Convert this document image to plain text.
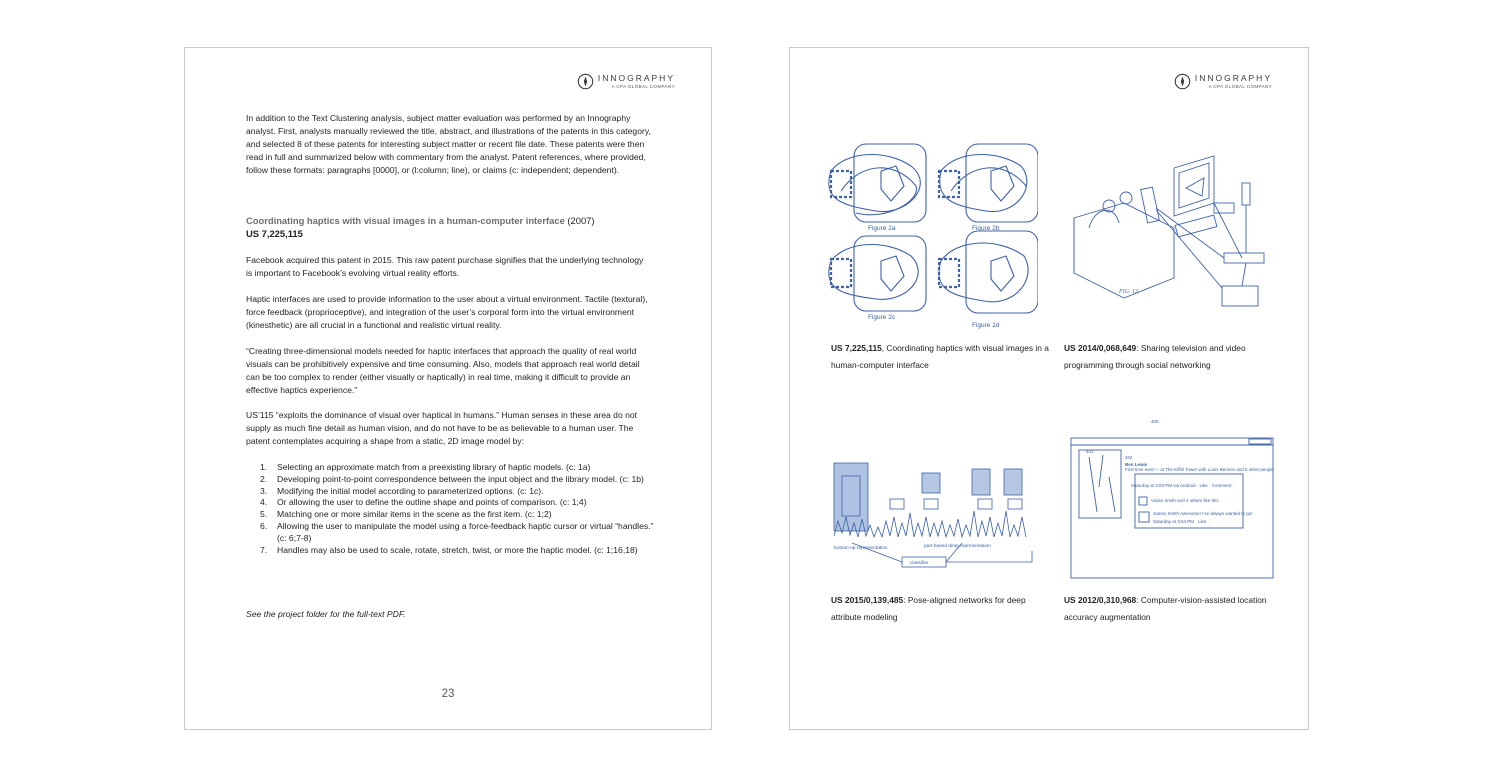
INNOGRAPHY
A CPA GLOBAL COMPANY
In addition to the Text Clustering analysis, subject matter evaluation was performed by an Innography analyst. First, analysts manually reviewed the title, abstract, and illustrations of the patents in this category, and selected 8 of these patents for interesting subject matter or recent file date. These patents were then read in full and summarized below with commentary from the analyst. Patent references, where provided, follow these formats: paragraphs [0000], or (l:column; line), or claims (c: independent; dependent).
Coordinating haptics with visual images in a human-computer interface (2007)
US 7,225,115
Facebook acquired this patent in 2015. This raw patent purchase signifies that the underlying technology is important to Facebook’s evolving virtual reality efforts.
Haptic interfaces are used to provide information to the user about a virtual environment. Tactile (textural), force feedback (proprioceptive), and integration of the user’s corporal form into the virtual environment (kinesthetic) are all crucial in a functional and realistic virtual reality.
“Creating three-dimensional models needed for haptic interfaces that approach the quality of real world visuals can be prohibitively expensive and time consuming. Also, models that approach real world detail can be too complex to render (either visually or haptically) in real time, making it difficult to provide an effective haptics experience.”
US’115 “exploits the dominance of visual over haptical in humans.” Human senses in these area do not supply as much fine detail as human vision, and do not have to be as believable to a human user. The patent contemplates acquiring a shape from a static, 2D image model by:
1. Selecting an approximate match from a preexisting library of haptic models. (c: 1a)
2. Developing point-to-point correspondence between the input object and the library model. (c: 1b)
3. Modifying the initial model according to parameterized options. (c: 1c).
4. Or allowing the user to define the outline shape and points of comparison. (c: 1;4)
5. Matching one or more similar items in the scene as the first item. (c: 1;2)
6. Allowing the user to manipulate the model using a force-feedback haptic cursor or virtual “handles.” (c: 6;7-8)
7. Handles may also be used to scale, rotate, stretch, twist, or more the haptic model. (c: 1;16,18)
See the project folder for the full-text PDF.
23
INNOGRAPHY
A CPA GLOBAL COMPANY
Figure 2a	Figure 2b
Figure 2c
Figure 2d
US 7,225,115, Coordinating haptics with visual images in a human-computer interface
FIG. 13
US 2014/0,068,649: Sharing television and video programming through social networking
bottom-up representation	part-based deep representation
classifier
US 2015/0,139,485: Pose-aligned networks for deep attribute modeling
400
401
402
Ben Lewis
First time ever! -- at The Eiffel Tower with Louis Benson and 5 other people
Saturday at 3:03 PM via Android · Like · Comment ·
Vivian Smith and 4 others like this
James Smith Awesome! I’ve always wanted to go!
Saturday at 3:54 PM · Like ·
US 2012/0,310,968: Computer-vision-assisted location accuracy augmentation
